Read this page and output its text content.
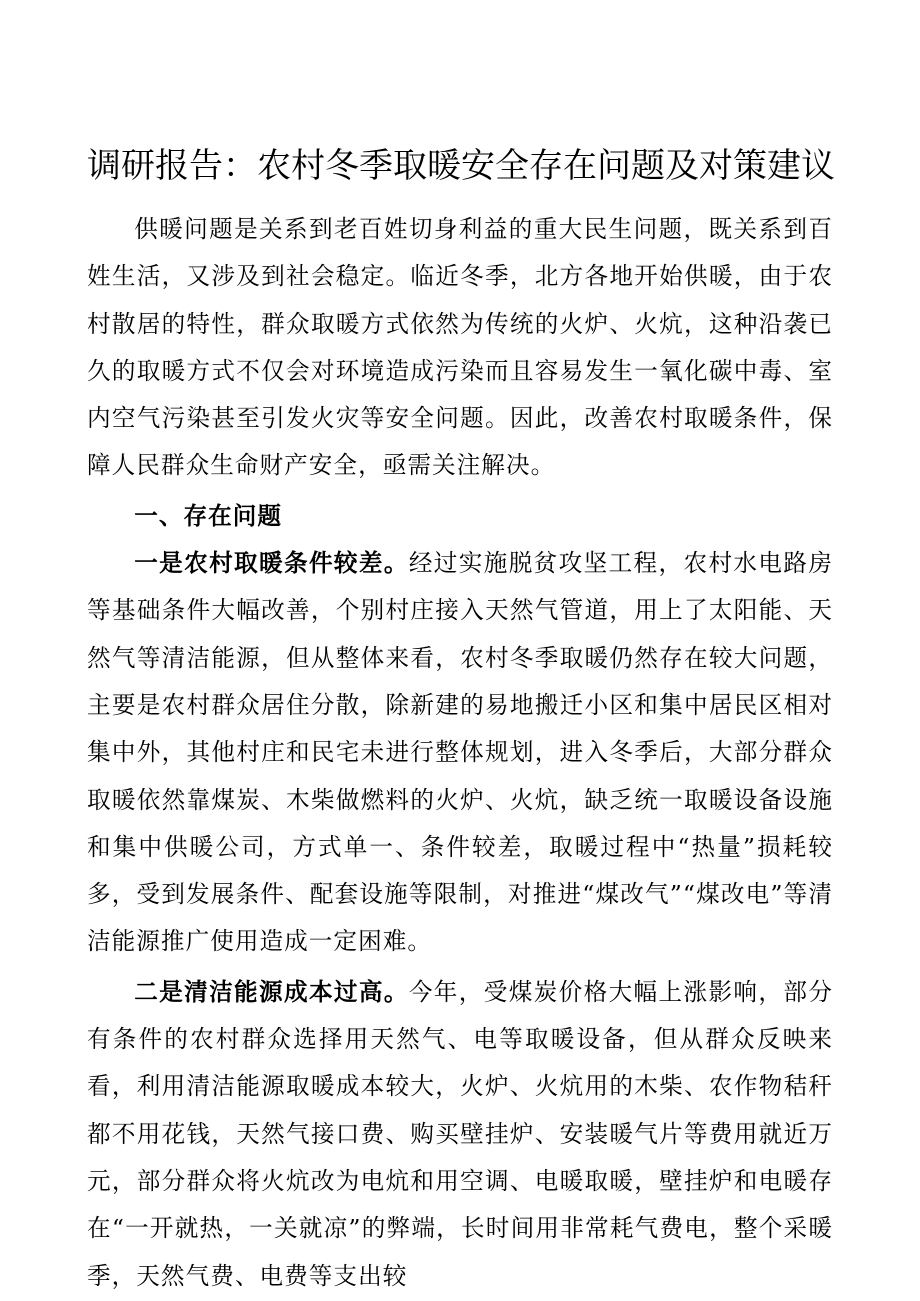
调研报告：农村冬季取暖安全存在问题及对策建议

供暖问题是关系到老百姓切身利益的重大民生问题，既关系到百姓生活，又涉及到社会稳定。临近冬季，北方各地开始供暖，由于农村散居的特性，群众取暖方式依然为传统的火炉、火炕，这种沿袭已久的取暖方式不仅会对环境造成污染而且容易发生一氧化碳中毒、室内空气污染甚至引发火灾等安全问题。因此，改善农村取暖条件，保障人民群众生命财产安全，亟需关注解决。

一、存在问题

一是农村取暖条件较差。经过实施脱贫攻坚工程，农村水电路房等基础条件大幅改善，个别村庄接入天然气管道，用上了太阳能、天然气等清洁能源，但从整体来看，农村冬季取暖仍然存在较大问题，主要是农村群众居住分散，除新建的易地搬迁小区和集中居民区相对集中外，其他村庄和民宅未进行整体规划，进入冬季后，大部分群众取暖依然靠煤炭、木柴做燃料的火炉、火炕，缺乏统一取暖设备设施和集中供暖公司，方式单一、条件较差，取暖过程中“热量”损耗较多，受到发展条件、配套设施等限制，对推进“煤改气”“煤改电”等清洁能源推广使用造成一定困难。

二是清洁能源成本过高。今年，受煤炭价格大幅上涨影响，部分有条件的农村群众选择用天然气、电等取暖设备，但从群众反映来看，利用清洁能源取暖成本较大，火炉、火炕用的木柴、农作物秸秆都不用花钱，天然气接口费、购买壁挂炉、安装暖气片等费用就近万元，部分群众将火炕改为电炕和用空调、电暖取暖，壁挂炉和电暖存在“一开就热，一关就凉”的弊端，长时间用非常耗气费电，整个采暖季，天然气费、电费等支出较
